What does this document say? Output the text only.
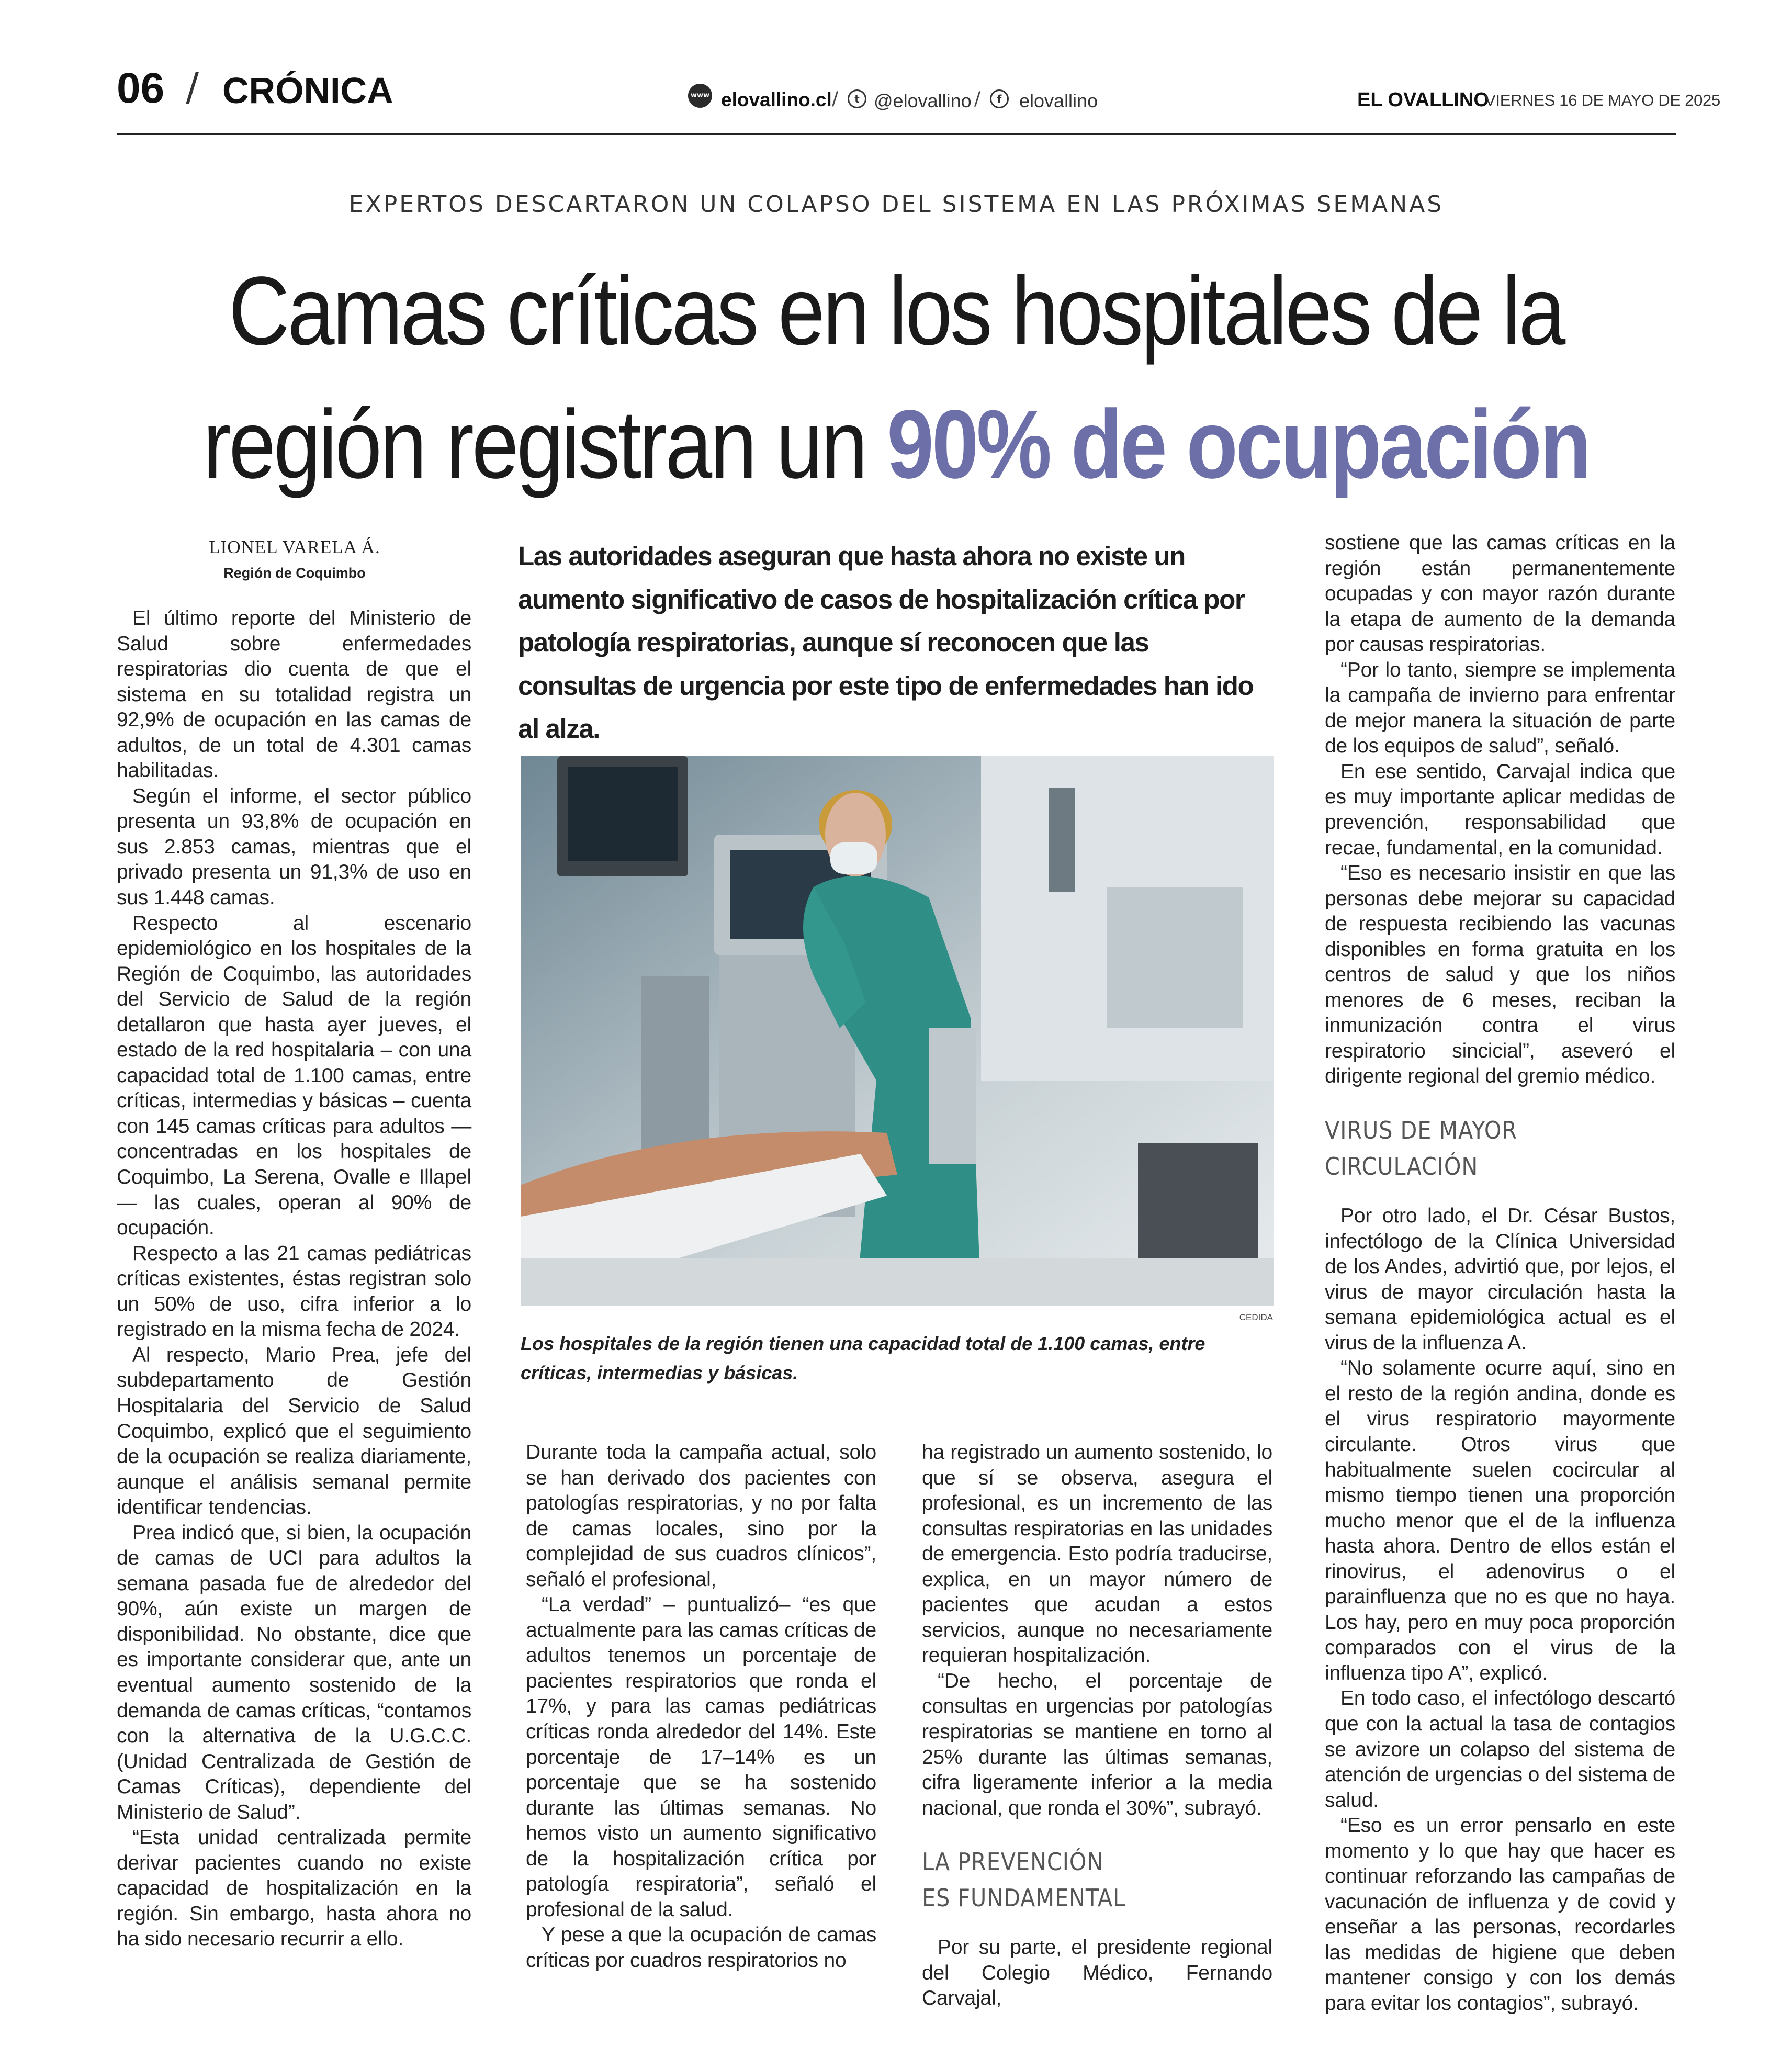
06 / CRÓNICA	www elovallino.cl /	t @elovallino /	f elovallino	EL OVALLINO
VIERNES 16 DE MAYO DE 2025
EXPERTOS DESCARTARON UN COLAPSO DEL SISTEMA EN LAS PRÓXIMAS SEMANAS
Camas críticas en los hospitales de la región registran un 90% de ocupación
LIONEL VARELA Á.
Región de Coquimbo
Las autoridades aseguran que hasta ahora no existe un aumento significativo de casos de hospitalización crítica por patología respiratorias, aunque sí reconocen que las consultas de urgencia por este tipo de enfermedades han ido al alza.
CEDIDA
Los hospitales de la región tienen una capacidad total de 1.100 camas, entre críticas, intermedias y básicas.

El último reporte del Ministerio de Salud sobre enfermedades respiratorias dio cuenta de que el sistema en su totalidad registra un 92,9% de ocupación en las camas de adultos, de un total de 4.301 camas habilitadas.

Según el informe, el sector público presenta un 93,8% de ocupación en sus 2.853 camas, mientras que el privado presenta un 91,3% de uso en sus 1.448 camas.

Respecto al escenario epidemiológico en los hospitales de la Región de Coquimbo, las autoridades del Servicio de Salud de la región detallaron que hasta ayer jueves, el estado de la red hospitalaria – con una capacidad total de 1.100 camas, entre críticas, intermedias y básicas – cuenta con 145 camas críticas para adultos —concentradas en los hospitales de Coquimbo, La Serena, Ovalle e Illapel— las cuales, operan al 90% de ocupación.

Respecto a las 21 camas pediátricas críticas existentes, éstas registran solo un 50% de uso, cifra inferior a lo registrado en la misma fecha de 2024.

Al respecto, Mario Prea, jefe del subdepartamento de Gestión Hospitalaria del Servicio de Salud Coquimbo, explicó que el seguimiento de la ocupación se realiza diariamente, aunque el análisis semanal permite identificar tendencias.

Prea indicó que, si bien, la ocupación de camas de UCI para adultos la semana pasada fue de alrededor del 90%, aún existe un margen de disponibilidad. No obstante, dice que es importante considerar que, ante un eventual aumento sostenido de la demanda de camas críticas, “contamos con la alternativa de la U.G.C.C. (Unidad Centralizada de Gestión de Camas Críticas), dependiente del Ministerio de Salud”.

“Esta unidad centralizada permite derivar pacientes cuando no existe capacidad de hospitalización en la región. Sin embargo, hasta ahora no ha sido necesario recurrir a ello.

Durante toda la campaña actual, solo se han derivado dos pacientes con patologías respiratorias, y no por falta de camas locales, sino por la complejidad de sus cuadros clínicos”, señaló el profesional,

“La verdad” – puntualizó– “es que actualmente para las camas críticas de adultos tenemos un porcentaje de pacientes respiratorios que ronda el 17%, y para las camas pediátricas críticas ronda alrededor del 14%. Este porcentaje de 17–14% es un porcentaje que se ha sostenido durante las últimas semanas. No hemos visto un aumento significativo de la hospitalización crítica por patología respiratoria”, señaló el profesional de la salud.

Y pese a que la ocupación de camas críticas por cuadros respiratorios no

ha registrado un aumento sostenido, lo que sí se observa, asegura el profesional, es un incremento de las consultas respiratorias en las unidades de emergencia. Esto podría traducirse, explica, en un mayor número de pacientes que acudan a estos servicios, aunque no necesariamente requieran hospitalización.

“De hecho, el porcentaje de consultas en urgencias por patologías respiratorias se mantiene en torno al 25% durante las últimas semanas, cifra ligeramente inferior a la media nacional, que ronda el 30%”, subrayó.

LA PREVENCIÓN
ES FUNDAMENTAL

Por su parte, el presidente regional del Colegio Médico, Fernando Carvajal,

sostiene que las camas críticas en la región están permanentemente ocupadas y con mayor razón durante la etapa de aumento de la demanda por causas respiratorias.

“Por lo tanto, siempre se implementa la campaña de invierno para enfrentar de mejor manera la situación de parte de los equipos de salud”, señaló.

En ese sentido, Carvajal indica que es muy importante aplicar medidas de prevención, responsabilidad que recae, fundamental, en la comunidad.

“Eso es necesario insistir en que las personas debe mejorar su capacidad de respuesta recibiendo las vacunas disponibles en forma gratuita en los centros de salud y que los niños menores de 6 meses, reciban la inmunización contra el virus respiratorio sincicial”, aseveró el dirigente regional del gremio médico.

VIRUS DE MAYOR CIRCULACIÓN

Por otro lado, el Dr. César Bustos, infectólogo de la Clínica Universidad de los Andes, advirtió que, por lejos, el virus de mayor circulación hasta la semana epidemiológica actual es el virus de la influenza A.

“No solamente ocurre aquí, sino en el resto de la región andina, donde es el virus respiratorio mayormente circulante. Otros virus que habitualmente suelen cocircular al mismo tiempo tienen una proporción mucho menor que el de la influenza hasta ahora. Dentro de ellos están el rinovirus, el adenovirus o el parainfluenza que no es que no haya. Los hay, pero en muy poca proporción comparados con el virus de la influenza tipo A”, explicó.

En todo caso, el infectólogo descartó que con la actual la tasa de contagios se avizore un colapso del sistema de atención de urgencias o del sistema de salud.

“Eso es un error pensarlo en este momento y lo que hay que hacer es continuar reforzando las campañas de vacunación de influenza y de covid y enseñar a las personas, recordarles las medidas de higiene que deben mantener consigo y con los demás para evitar los contagios”, subrayó.
